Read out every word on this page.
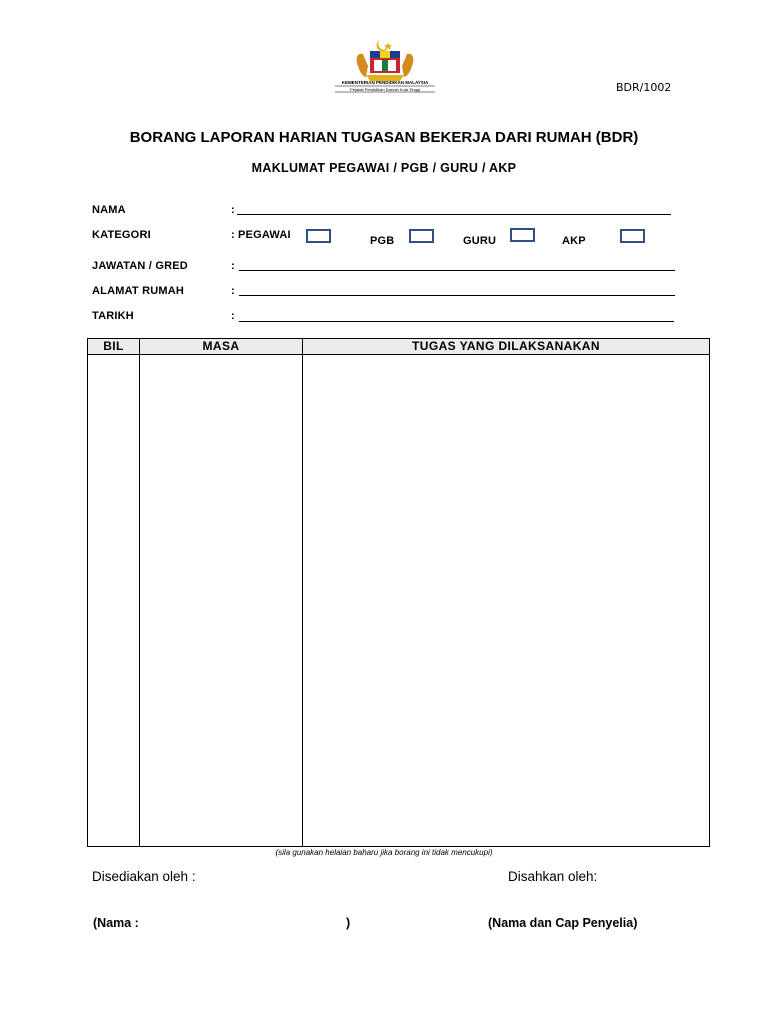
KEMENTERIAN PENDIDIKAN MALAYSIA
Pejabat Pendidikan Daerah Kota Tinggi	BDR/1002
BORANG LAPORAN HARIAN TUGASAN BEKERJA DARI RUMAH (BDR)
MAKLUMAT PEGAWAI / PGB / GURU / AKP
NAMA	:
KATEGORI	: PEGAWAI	PGB	GURU	AKP
JAWATAN / GRED	:
ALAMAT RUMAH	:
TARIKH	:
BIL	MASA	TUGAS YANG DILAKSANAKAN

(sila gunakan helaian baharu jika borang ini tidak mencukupi)
Disediakan oleh :	Disahkan oleh:
(Nama :	)	(Nama dan Cap Penyelia)
